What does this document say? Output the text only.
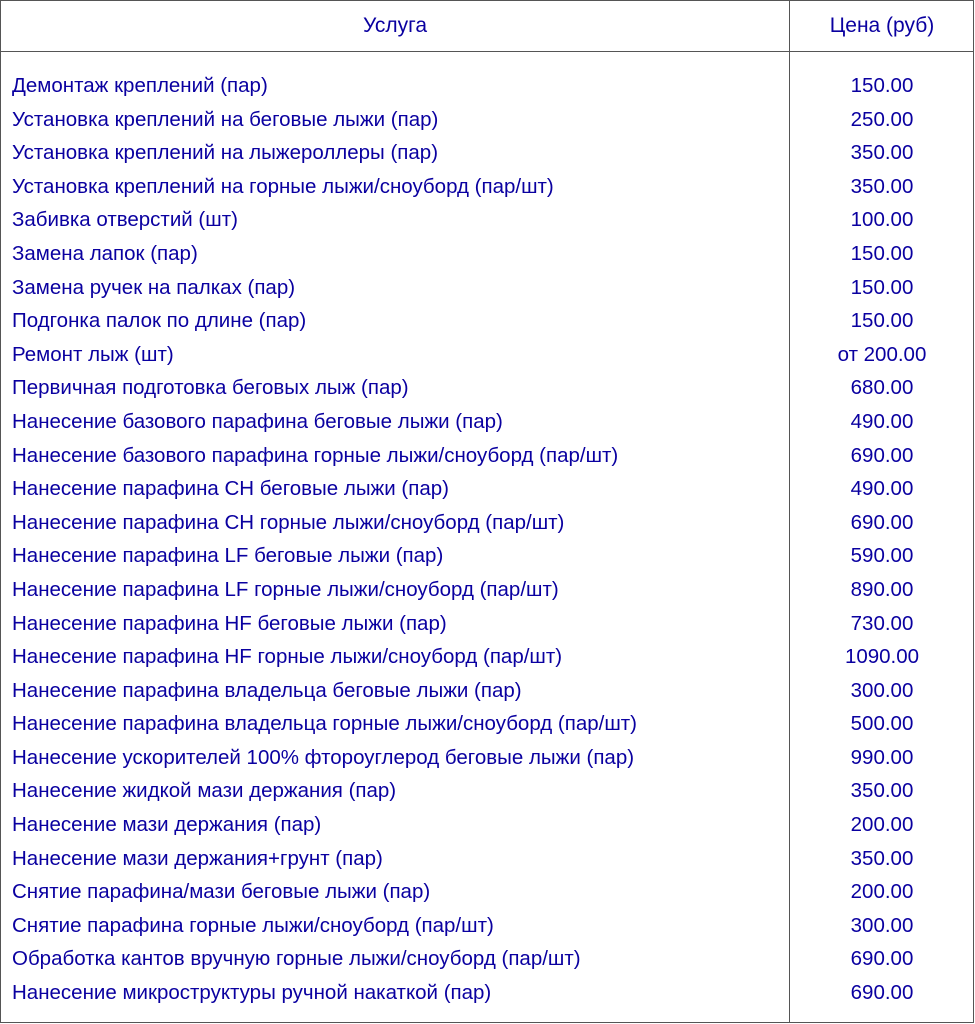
Услуга	Цена (руб)
Демонтаж креплений (пар)	150.00
Установка креплений на беговые лыжи (пар)	250.00
Установка креплений на лыжероллеры (пар)	350.00
Установка креплений на горные лыжи/сноуборд (пар/шт)	350.00
Забивка отверстий (шт)	100.00
Замена лапок (пар)	150.00
Замена ручек на палках (пар)	150.00
Подгонка палок по длине (пар)	150.00
Ремонт лыж (шт)	от 200.00
Первичная подготовка беговых лыж (пар)	680.00
Нанесение базового парафина беговые лыжи (пар)	490.00
Нанесение базового парафина горные лыжи/сноуборд (пар/шт)	690.00
Нанесение парафина СН беговые лыжи (пар)	490.00
Нанесение парафина СН горные лыжи/сноуборд (пар/шт)	690.00
Нанесение парафина LF беговые лыжи (пар)	590.00
Нанесение парафина LF горные лыжи/сноуборд (пар/шт)	890.00
Нанесение парафина HF беговые лыжи (пар)	730.00
Нанесение парафина HF горные лыжи/сноуборд (пар/шт)	1090.00
Нанесение парафина владельца беговые лыжи (пар)	300.00
Нанесение парафина владельца горные лыжи/сноуборд (пар/шт)	500.00
Нанесение ускорителей 100% фтороуглерод беговые лыжи (пар)	990.00
Нанесение жидкой мази держания (пар)	350.00
Нанесение мази держания (пар)	200.00
Нанесение мази держания+грунт (пар)	350.00
Снятие парафина/мази беговые лыжи (пар)	200.00
Снятие парафина горные лыжи/сноуборд (пар/шт)	300.00
Обработка кантов вручную горные лыжи/сноуборд (пар/шт)	690.00
Нанесение микроструктуры ручной накаткой (пар)	690.00
